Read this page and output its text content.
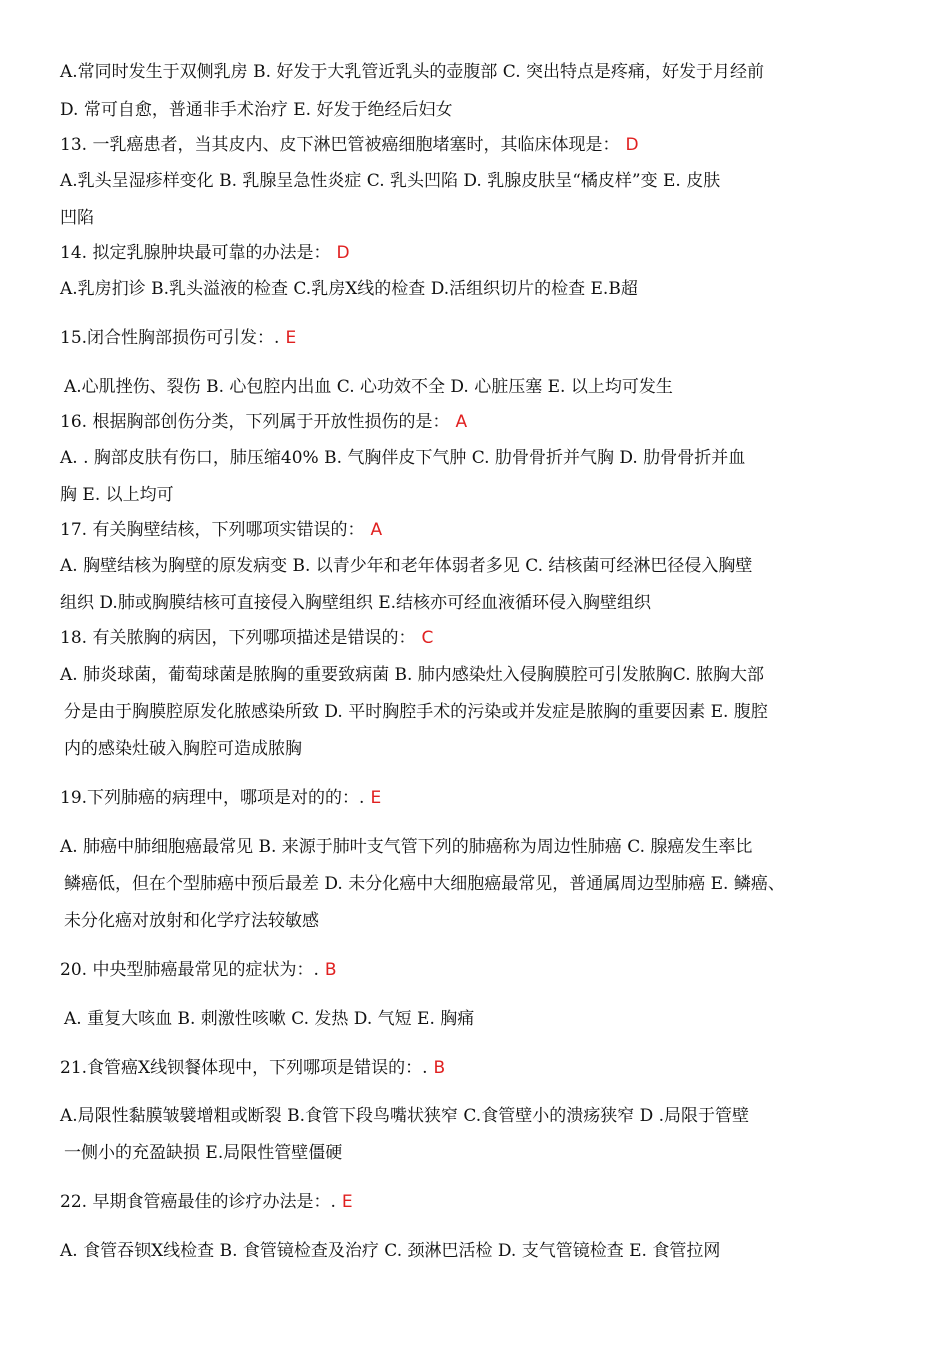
A.常同时发生于双侧乳房 B. 好发于大乳管近乳头的壶腹部 C. 突出特点是疼痛，好发于月经前
D. 常可自愈，普通非手术治疗 E. 好发于绝经后妇女
13. 一乳癌患者，当其皮内、皮下淋巴管被癌细胞堵塞时，其临床体现是： D
A.乳头呈湿疹样变化 B. 乳腺呈急性炎症 C. 乳头凹陷 D. 乳腺皮肤呈“橘皮样”变 E. 皮肤
凹陷
14. 拟定乳腺肿块最可靠的办法是： D
A.乳房扪诊 B.乳头溢液的检查 C.乳房X线的检查 D.活组织切片的检查 E.B超
15.闭合性胸部损伤可引发：. E
A.心肌挫伤、裂伤 B. 心包腔内出血 C. 心功效不全 D. 心脏压塞 E. 以上均可发生
16. 根据胸部创伤分类，下列属于开放性损伤的是： A
A. . 胸部皮肤有伤口，肺压缩40% B. 气胸伴皮下气肿 C. 肋骨骨折并气胸 D. 肋骨骨折并血
胸 E. 以上均可
17. 有关胸壁结核，下列哪项实错误的： A
A. 胸壁结核为胸壁的原发病变 B. 以青少年和老年体弱者多见 C. 结核菌可经淋巴径侵入胸壁
组织 D.肺或胸膜结核可直接侵入胸壁组织 E.结核亦可经血液循环侵入胸壁组织
18. 有关脓胸的病因，下列哪项描述是错误的： C
A. 肺炎球菌，葡萄球菌是脓胸的重要致病菌 B. 肺内感染灶入侵胸膜腔可引发脓胸C. 脓胸大部
分是由于胸膜腔原发化脓感染所致 D. 平时胸腔手术的污染或并发症是脓胸的重要因素 E. 腹腔
内的感染灶破入胸腔可造成脓胸
19.下列肺癌的病理中，哪项是对的的：. E
A. 肺癌中肺细胞癌最常见 B. 来源于肺叶支气管下列的肺癌称为周边性肺癌 C. 腺癌发生率比
鳞癌低，但在个型肺癌中预后最差 D. 未分化癌中大细胞癌最常见，普通属周边型肺癌 E. 鳞癌、
未分化癌对放射和化学疗法较敏感
20. 中央型肺癌最常见的症状为：. B
A. 重复大咳血 B. 刺激性咳嗽 C. 发热 D. 气短 E. 胸痛
21.食管癌X线钡餐体现中，下列哪项是错误的：. B
A.局限性黏膜皱襞增粗或断裂 B.食管下段鸟嘴状狭窄 C.食管壁小的溃疡狭窄 D .局限于管壁
一侧小的充盈缺损 E.局限性管壁僵硬
22. 早期食管癌最佳的诊疗办法是：. E
A. 食管吞钡X线检查 B. 食管镜检查及治疗 C. 颈淋巴活检 D. 支气管镜检查 E. 食管拉网
